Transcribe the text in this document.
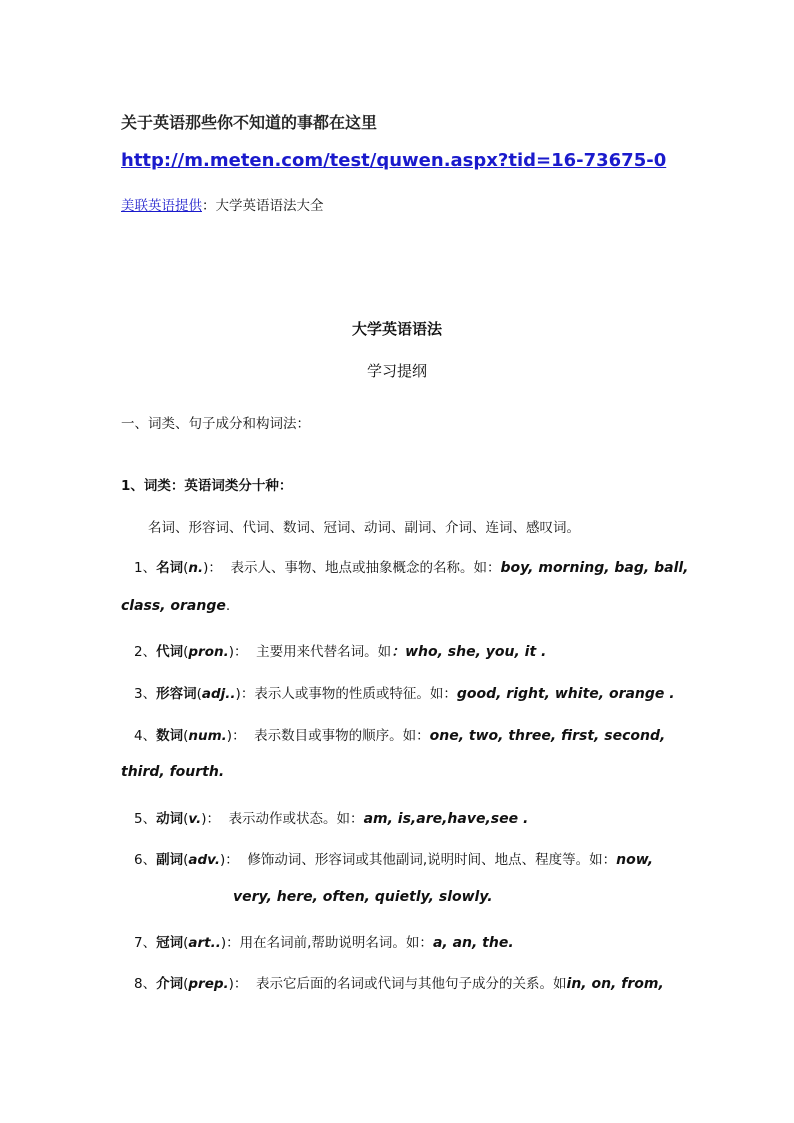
关于英语那些你不知道的事都在这里
http://m.meten.com/test/quwen.aspx?tid=16-73675-0
美联英语提供：大学英语语法大全
大学英语语法
学习提纲
一、词类、句子成分和构词法：
1、词类：英语词类分十种：
名词、形容词、代词、数词、冠词、动词、副词、介词、连词、感叹词。
1、名词(n.)：  表示人、事物、地点或抽象概念的名称。如：boy, morning, bag, ball,
class, orange.
2、代词(pron.)：  主要用来代替名词。如：who, she, you, it .
3、形容词(adj..)：表示人或事物的性质或特征。如：good, right, white, orange .
4、数词(num.)：  表示数目或事物的顺序。如：one, two, three, first, second,
third, fourth.
5、动词(v.)：  表示动作或状态。如：am, is,are,have,see .
6、副词(adv.)：  修饰动词、形容词或其他副词,说明时间、地点、程度等。如：now,
very, here, often, quietly, slowly.
7、冠词(art..)：用在名词前,帮助说明名词。如：a, an, the.
8、介词(prep.)：  表示它后面的名词或代词与其他句子成分的关系。如in, on, from,
